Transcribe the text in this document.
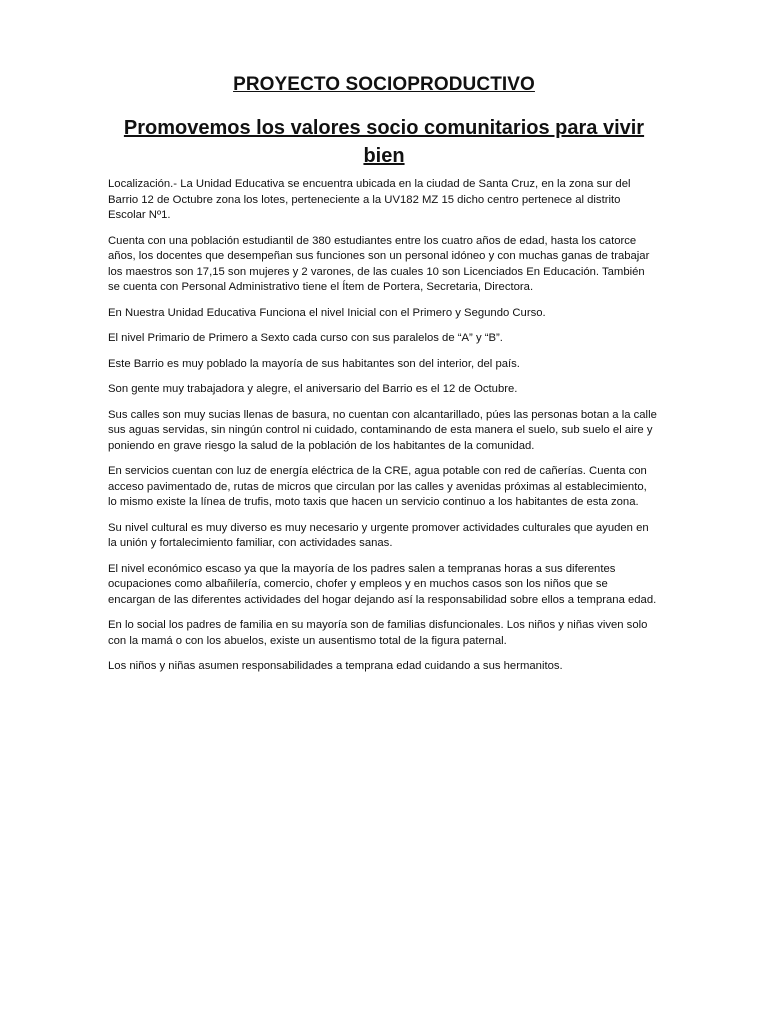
PROYECTO SOCIOPRODUCTIVO
Promovemos los valores socio comunitarios para vivir bien

Localización.- La Unidad Educativa se encuentra ubicada en la ciudad de Santa Cruz, en la zona sur del Barrio 12 de Octubre zona los lotes, perteneciente a la UV182 MZ 15 dicho centro pertenece al distrito Escolar Nº1.

Cuenta con una población estudiantil de 380 estudiantes entre los cuatro años de edad, hasta los catorce años, los docentes que desempeñan sus funciones son un personal idóneo y con muchas ganas de trabajar los maestros son 17,15 son mujeres y 2 varones, de las cuales 10 son Licenciados En Educación. También se cuenta con Personal Administrativo tiene el Ítem de Portera, Secretaria, Directora.

En Nuestra Unidad Educativa Funciona el nivel Inicial con el Primero y Segundo Curso.

El nivel Primario de Primero a Sexto cada curso con sus paralelos de “A” y “B”.

Este Barrio es muy poblado la mayoría de sus habitantes son del interior, del país.

Son gente muy trabajadora y alegre, el aniversario del Barrio es el 12 de Octubre.

Sus calles son muy sucias llenas de basura, no cuentan con alcantarillado, púes las personas botan a la calle sus aguas servidas, sin ningún control ni cuidado, contaminando de esta manera el suelo, sub suelo el aire y poniendo en grave riesgo la salud de la población de los habitantes de la comunidad.

En servicios cuentan con luz de energía eléctrica de la CRE, agua potable con red de cañerías. Cuenta con acceso pavimentado de, rutas de micros que circulan por las calles y avenidas próximas al establecimiento, lo mismo existe la línea de trufis, moto taxis que hacen un servicio continuo a los habitantes de esta zona.

Su nivel cultural es muy diverso es muy necesario y urgente promover actividades culturales que ayuden en la unión y fortalecimiento familiar, con actividades sanas.

El nivel económico escaso ya que la mayoría de los padres salen a tempranas horas a sus diferentes ocupaciones como albañilería, comercio, chofer y empleos y en muchos casos son los niños que se encargan de las diferentes actividades del hogar dejando así la responsabilidad sobre ellos a temprana edad.

En lo social los padres de familia en su mayoría son de familias disfuncionales. Los niños y niñas viven solo con la mamá o con los abuelos, existe un ausentismo total de la figura paternal.

Los niños y niñas asumen responsabilidades a temprana edad cuidando a sus hermanitos.
